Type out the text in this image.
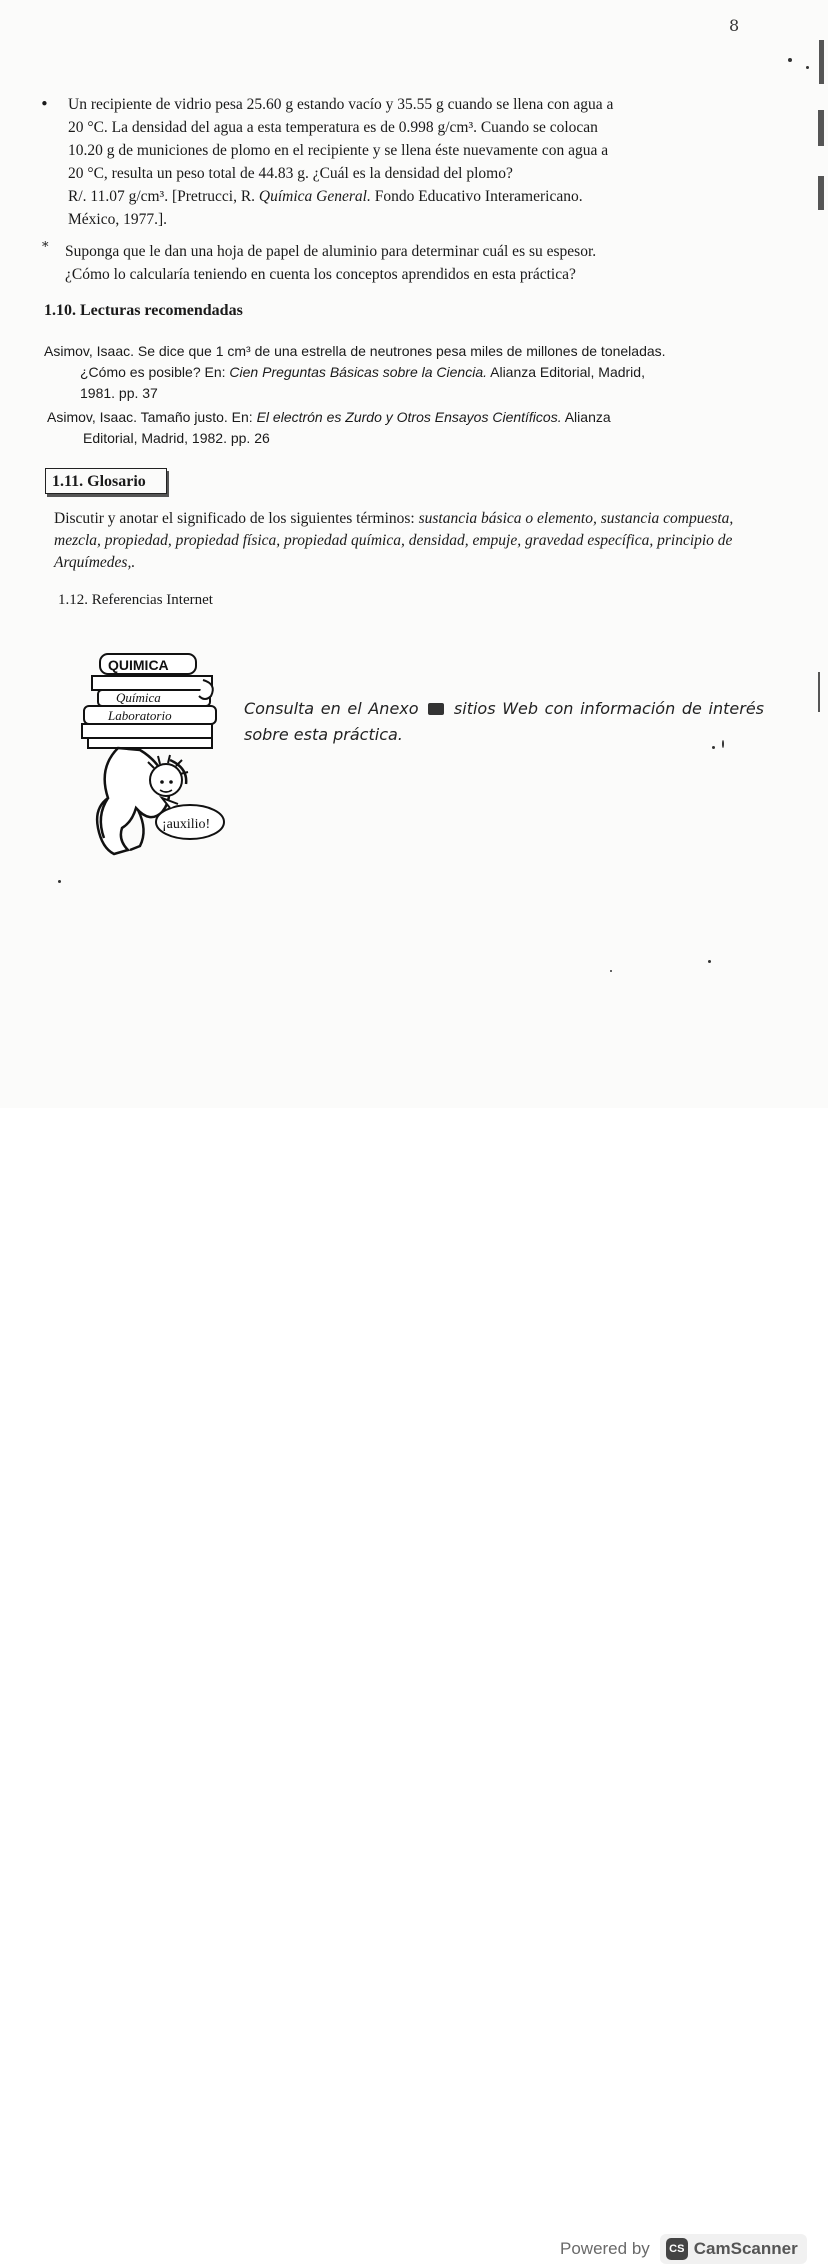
8
• Un recipiente de vidrio pesa 25.60 g estando vacío y 35.55 g cuando se llena con agua a
20 °C. La densidad del agua a esta temperatura es de 0.998 g/cm³. Cuando se colocan
10.20 g de municiones de plomo en el recipiente y se llena éste nuevamente con agua a
20 °C, resulta un peso total de 44.83 g. ¿Cuál es la densidad del plomo?
R/. 11.07 g/cm³. [Pretrucci, R. Química General. Fondo Educativo Interamericano.
México, 1977.].
* Suponga que le dan una hoja de papel de aluminio para determinar cuál es su espesor.
¿Cómo lo calcularía teniendo en cuenta los conceptos aprendidos en esta práctica?
1.10. Lecturas recomendadas
Asimov, Isaac. Se dice que 1 cm³ de una estrella de neutrones pesa miles de millones de toneladas.
¿Cómo es posible? En: Cien Preguntas Básicas sobre la Ciencia. Alianza Editorial, Madrid,
1981. pp. 37
Asimov, Isaac. Tamaño justo. En: El electrón es Zurdo y Otros Ensayos Científicos. Alianza
Editorial, Madrid, 1982. pp. 26
1.11. Glosario
Discutir y anotar el significado de los siguientes términos: sustancia básica o elemento, sustancia compuesta, mezcla, propiedad, propiedad física, propiedad química, densidad, empuje, gravedad específica, principio de Arquímedes,.
1.12. Referencias Internet
QUIMICA
Química
Laboratorio
¡auxilio!
Consulta en el Anexo sitios Web con información de interés sobre esta práctica.
Powered by	CS CamScanner
